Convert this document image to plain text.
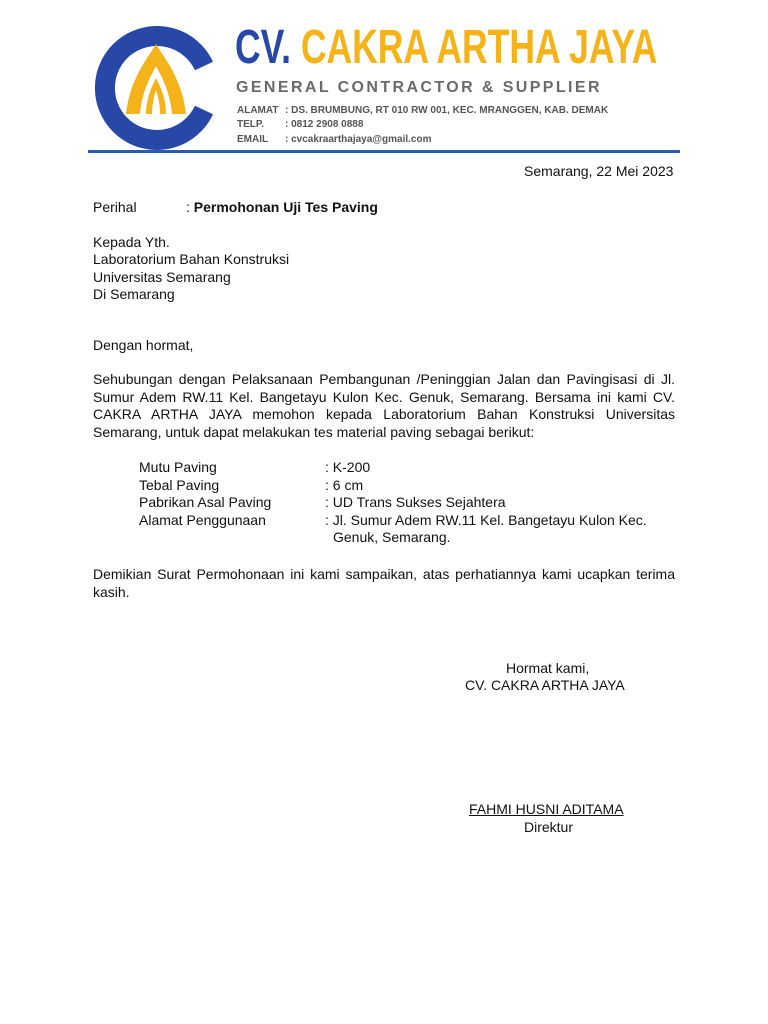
CV. CAKRA ARTHA JAYA
GENERAL CONTRACTOR & SUPPLIER
ALAMAT : DS. BRUMBUNG, RT 010 RW 001, KEC. MRANGGEN, KAB. DEMAK
TELP. : 0812 2908 0888
EMAIL : cvcakraarthajaya@gmail.com
Semarang, 22 Mei 2023
Perihal	: Permohonan Uji Tes Paving
Kepada Yth.
Laboratorium Bahan Konstruksi
Universitas Semarang
Di Semarang
Dengan hormat,
Sehubungan dengan Pelaksanaan Pembangunan /Peninggian Jalan dan Pavingisasi di Jl. Sumur Adem RW.11 Kel. Bangetayu Kulon Kec. Genuk, Semarang. Bersama ini kami CV. CAKRA ARTHA JAYA memohon kepada Laboratorium Bahan Konstruksi Universitas Semarang, untuk dapat melakukan tes material paving sebagai berikut:
Mutu Paving	: K-200
Tebal Paving	: 6 cm
Pabrikan Asal Paving	: UD Trans Sukses Sejahtera
Alamat Penggunaan	: Jl. Sumur Adem RW.11 Kel. Bangetayu Kulon Kec.
Genuk, Semarang.
Demikian Surat Permohonaan ini kami sampaikan, atas perhatiannya kami ucapkan terima kasih.
Hormat kami,
CV. CAKRA ARTHA JAYA
FAHMI HUSNI ADITAMA
Direktur
